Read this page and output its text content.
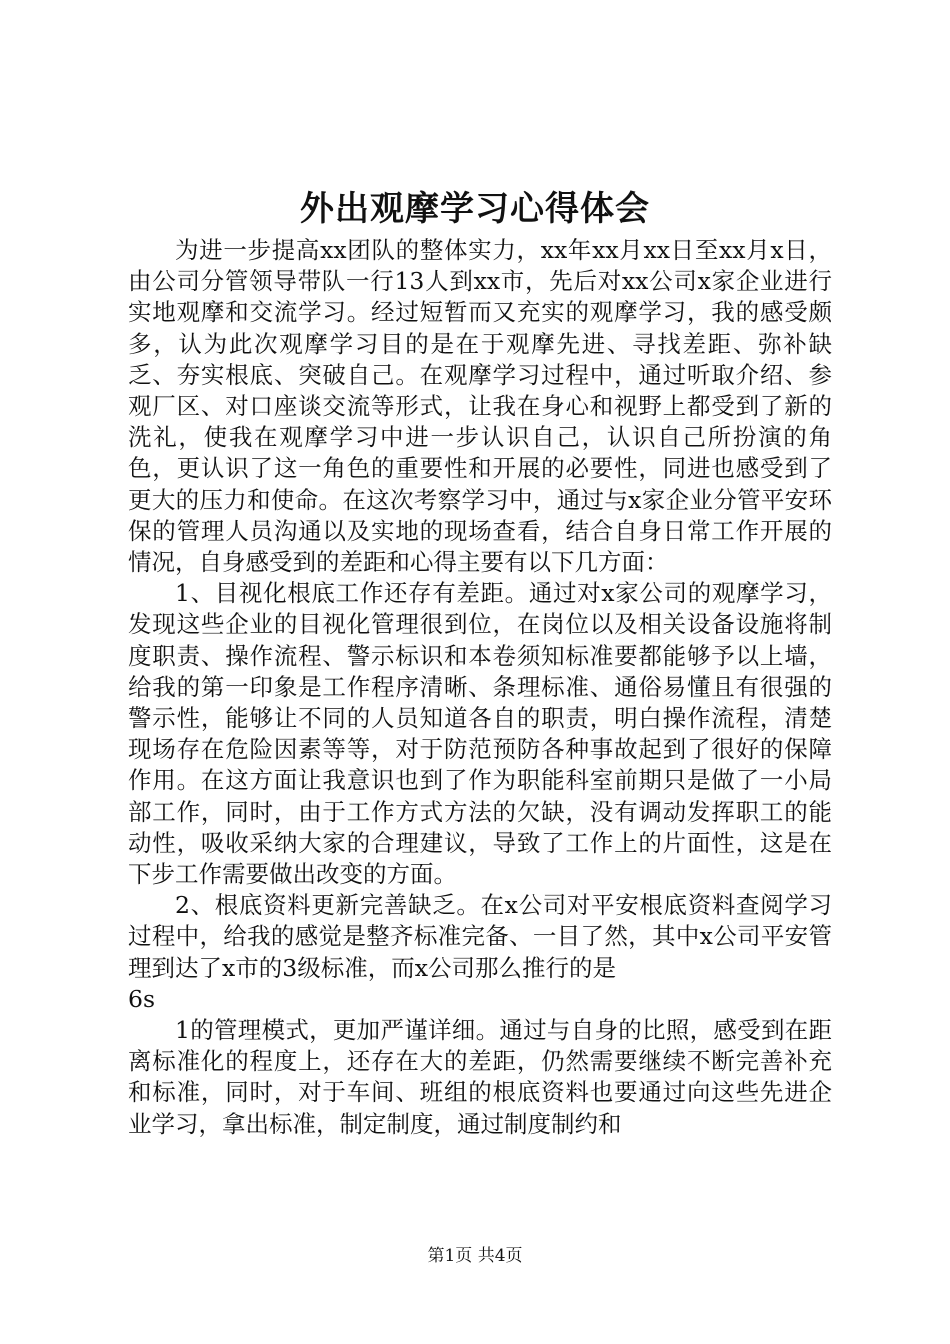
外出观摩学习心得体会

为进一步提高xx团队的整体实力，xx年xx月xx日至xx月x日，由公司分管领导带队一行13人到xx市，先后对xx公司x家企业进行实地观摩和交流学习。经过短暂而又充实的观摩学习，我的感受颇多，认为此次观摩学习目的是在于观摩先进、寻找差距、弥补缺乏、夯实根底、突破自己。在观摩学习过程中，通过听取介绍、参观厂区、对口座谈交流等形式，让我在身心和视野上都受到了新的洗礼，使我在观摩学习中进一步认识自己，认识自己所扮演的角色，更认识了这一角色的重要性和开展的必要性，同进也感受到了更大的压力和使命。在这次考察学习中，通过与x家企业分管平安环保的管理人员沟通以及实地的现场查看，结合自身日常工作开展的情况，自身感受到的差距和心得主要有以下几方面：

1、目视化根底工作还存有差距。通过对x家公司的观摩学习，发现这些企业的目视化管理很到位，在岗位以及相关设备设施将制度职责、操作流程、警示标识和本卷须知标准要都能够予以上墙，给我的第一印象是工作程序清晰、条理标准、通俗易懂且有很强的警示性，能够让不同的人员知道各自的职责，明白操作流程，清楚现场存在危险因素等等，对于防范预防各种事故起到了很好的保障作用。在这方面让我意识也到了作为职能科室前期只是做了一小局部工作，同时，由于工作方式方法的欠缺，没有调动发挥职工的能动性，吸收采纳大家的合理建议，导致了工作上的片面性，这是在下步工作需要做出改变的方面。

2、根底资料更新完善缺乏。在x公司对平安根底资料查阅学习过程中，给我的感觉是整齐标准完备、一目了然，其中x公司平安管理到达了x市的3级标准，而x公司那么推行的是

6s

1的管理模式，更加严谨详细。通过与自身的比照，感受到在距离标准化的程度上，还存在大的差距，仍然需要继续不断完善补充和标准，同时，对于车间、班组的根底资料也要通过向这些先进企业学习，拿出标准，制定制度，通过制度制约和

第1页 共4页
